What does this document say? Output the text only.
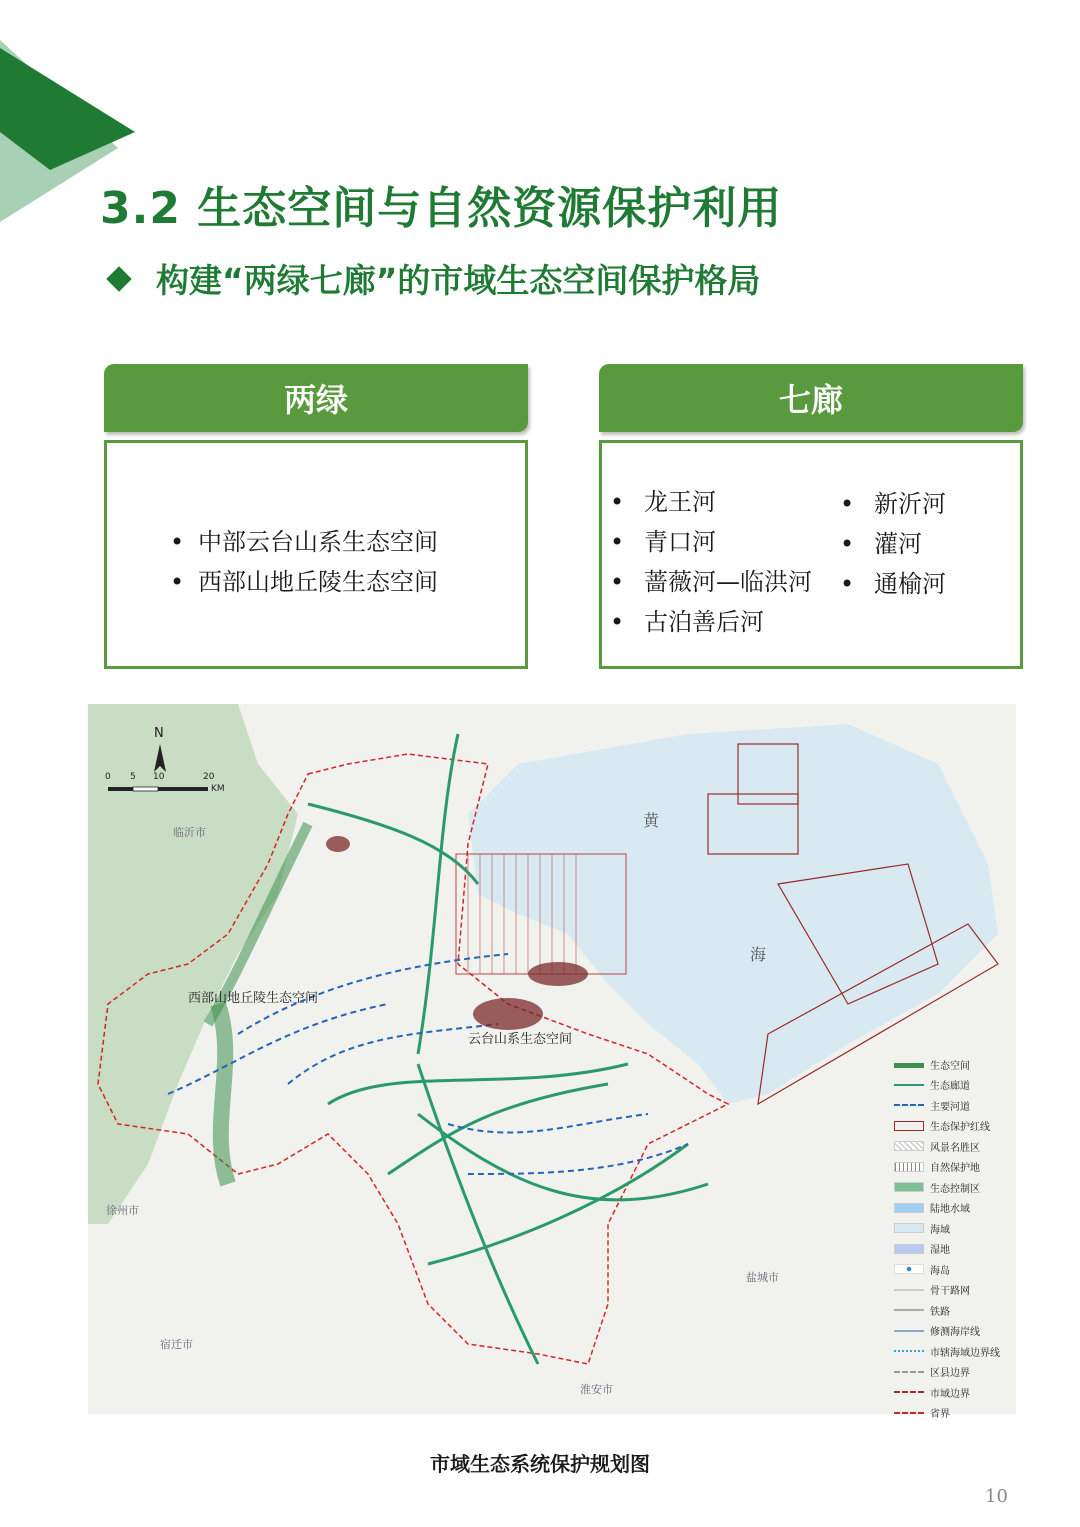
3.2 生态空间与自然资源保护利用
构建“两绿七廊”的市域生态空间保护格局
两绿
• 中部云台山系生态空间
• 西部山地丘陵生态空间
七廊
• 龙王河
• 青口河
• 蔷薇河—临洪河
• 古泊善后河
• 新沂河
• 灌河
• 通榆河
N
0 5 10	20
KM
黄
海
西部山地丘陵生态空间
云台山系生态空间
临沂市
徐州市
宿迁市
盐城市
淮安市
生态空间
生态廊道
主要河道
生态保护红线
风景名胜区
自然保护地
生态控制区
陆地水域
海域
湿地
海岛
骨干路网
铁路
修测海岸线
市辖海域边界线
区县边界
市域边界
省界
市域生态系统保护规划图
10
